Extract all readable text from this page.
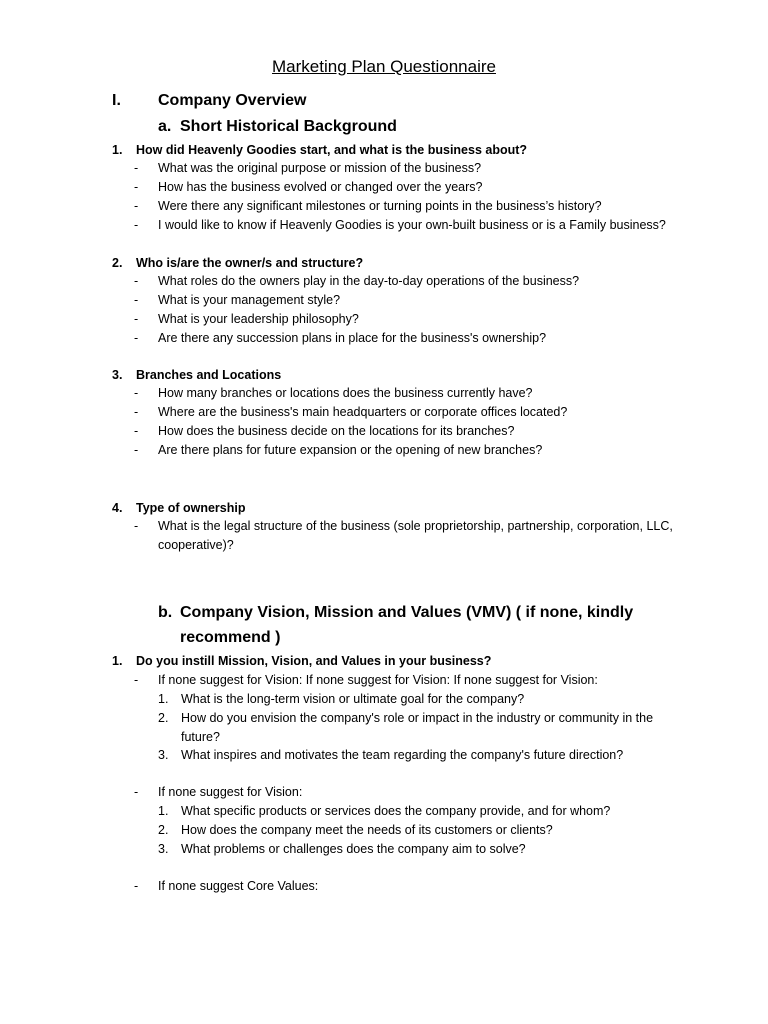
Marketing Plan Questionnaire
I. Company Overview
a. Short Historical Background
1. How did Heavenly Goodies start, and what is the business about?
- What was the original purpose or mission of the business?
- How has the business evolved or changed over the years?
- Were there any significant milestones or turning points in the business’s history?
- I would like to know if Heavenly Goodies is your own-built business or is a Family business?
2. Who is/are the owner/s and structure?
- What roles do the owners play in the day-to-day operations of the business?
- What is your management style?
- What is your leadership philosophy?
- Are there any succession plans in place for the business's ownership?
3. Branches and Locations
- How many branches or locations does the business currently have?
- Where are the business's main headquarters or corporate offices located?
- How does the business decide on the locations for its branches?
- Are there plans for future expansion or the opening of new branches?
4. Type of ownership
- What is the legal structure of the business (sole proprietorship, partnership, corporation, LLC, cooperative)?
b. Company Vision, Mission and Values (VMV) ( if none, kindly
recommend )
1. Do you instill Mission, Vision, and Values in your business?
- If none suggest for Vision: If none suggest for Vision: If none suggest for Vision:
1. What is the long-term vision or ultimate goal for the company?
2. How do you envision the company's role or impact in the industry or community in the future?
3. What inspires and motivates the team regarding the company's future direction?
- If none suggest for Vision:
1. What specific products or services does the company provide, and for whom?
2. How does the company meet the needs of its customers or clients?
3. What problems or challenges does the company aim to solve?
- If none suggest Core Values:
